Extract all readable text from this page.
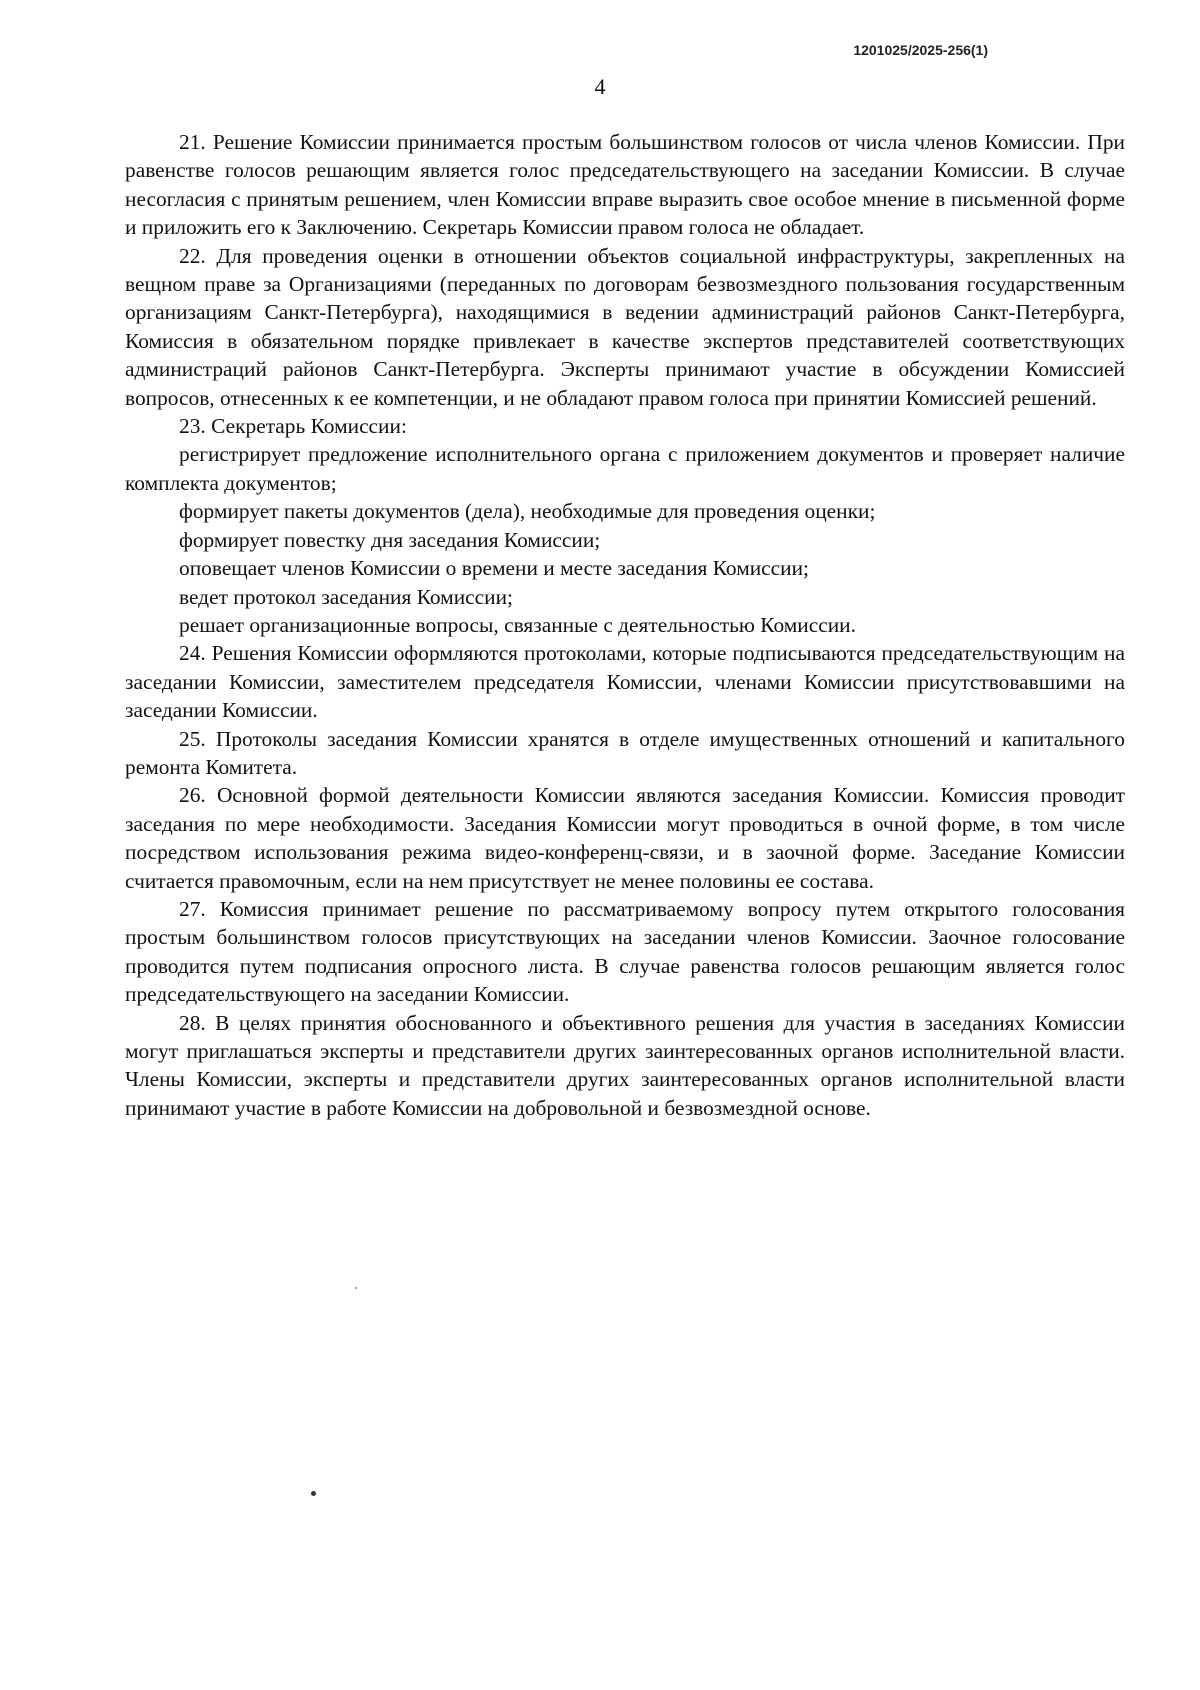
1201025/2025-256(1)
4

21. Решение Комиссии принимается простым большинством голосов от числа членов Комиссии. При равенстве голосов решающим является голос председательствующего на заседании Комиссии. В случае несогласия с принятым решением, член Комиссии вправе выразить свое особое мнение в письменной форме и приложить его к Заключению. Секретарь Комиссии правом голоса не обладает.

22. Для проведения оценки в отношении объектов социальной инфраструктуры, закрепленных на вещном праве за Организациями (переданных по договорам безвозмездного пользования государственным организациям Санкт-Петербурга), находящимися в ведении администраций районов Санкт-Петербурга, Комиссия в обязательном порядке привлекает в качестве экспертов представителей соответствующих администраций районов Санкт-Петербурга. Эксперты принимают участие в обсуждении Комиссией вопросов, отнесенных к ее компетенции, и не обладают правом голоса при принятии Комиссией решений.

23. Секретарь Комиссии:

регистрирует предложение исполнительного органа с приложением документов и проверяет наличие комплекта документов;

формирует пакеты документов (дела), необходимые для проведения оценки;

формирует повестку дня заседания Комиссии;

оповещает членов Комиссии о времени и месте заседания Комиссии;

ведет протокол заседания Комиссии;

решает организационные вопросы, связанные с деятельностью Комиссии.

24. Решения Комиссии оформляются протоколами, которые подписываются председательствующим на заседании Комиссии, заместителем председателя Комиссии, членами Комиссии присутствовавшими на заседании Комиссии.

25. Протоколы заседания Комиссии хранятся в отделе имущественных отношений и капитального ремонта Комитета.

26. Основной формой деятельности Комиссии являются заседания Комиссии. Комиссия проводит заседания по мере необходимости. Заседания Комиссии могут проводиться в очной форме, в том числе посредством использования режима видео-конференц-связи, и в заочной форме. Заседание Комиссии считается правомочным, если на нем присутствует не менее половины ее состава.

27. Комиссия принимает решение по рассматриваемому вопросу путем открытого голосования простым большинством голосов присутствующих на заседании членов Комиссии. Заочное голосование проводится путем подписания опросного листа. В случае равенства голосов решающим является голос председательствующего на заседании Комиссии.

28. В целях принятия обоснованного и объективного решения для участия в заседаниях Комиссии могут приглашаться эксперты и представители других заинтересованных органов исполнительной власти. Члены Комиссии, эксперты и представители других заинтересованных органов исполнительной власти принимают участие в работе Комиссии на добровольной и безвозмездной основе.
